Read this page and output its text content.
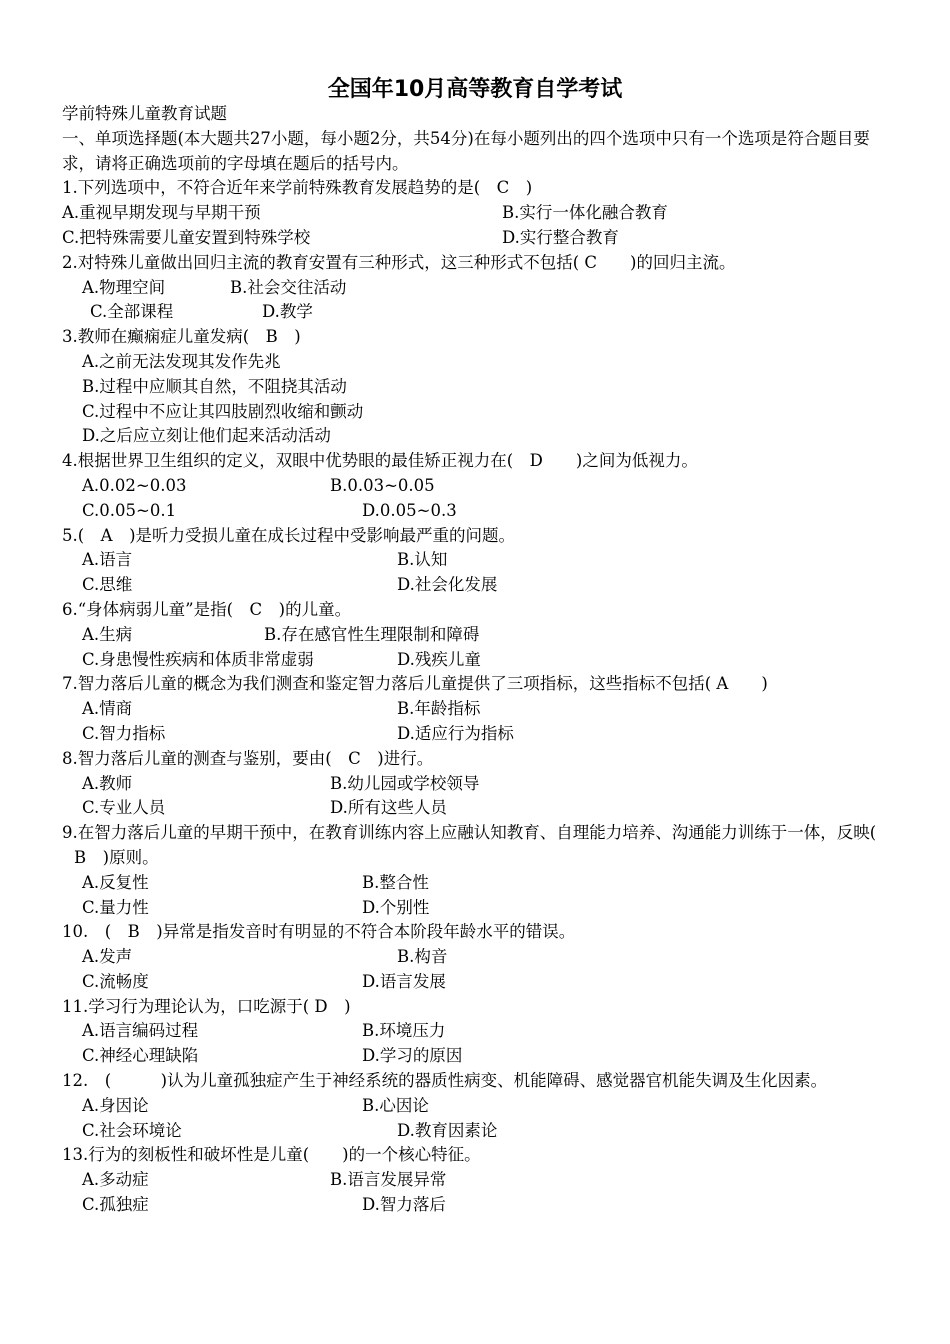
全国年10月高等教育自学考试
学前特殊儿童教育试题
一、单项选择题(本大题共27小题，每小题2分，共54分)在每小题列出的四个选项中只有一个选项是符合题目要求，请将正确选项前的字母填在题后的括号内。
1.下列选项中，不符合近年来学前特殊教育发展趋势的是(　C　)
A.重视早期发现与早期干预	B.实行一体化融合教育
C.把特殊需要儿童安置到特殊学校	D.实行整合教育
2.对特殊儿童做出回归主流的教育安置有三种形式，这三种形式不包括( C　　)的回归主流。
A.物理空间	B.社会交往活动
C.全部课程	D.教学
3.教师在癫痫症儿童发病(　B　)
A.之前无法发现其发作先兆
B.过程中应顺其自然，不阻挠其活动
C.过程中不应让其四肢剧烈收缩和颤动
D.之后应立刻让他们起来活动活动
4.根据世界卫生组织的定义，双眼中优势眼的最佳矫正视力在(　D　　)之间为低视力。
A.0.02~0.03	B.0.03~0.05
C.0.05~0.1	D.0.05~0.3
5.(　A　)是听力受损儿童在成长过程中受影响最严重的问题。
A.语言	B.认知
C.思维	D.社会化发展
6.“身体病弱儿童”是指(　C　)的儿童。
A.生病	B.存在感官性生理限制和障碍
C.身患慢性疾病和体质非常虚弱	D.残疾儿童
7.智力落后儿童的概念为我们测查和鉴定智力落后儿童提供了三项指标，这些指标不包括( A　　)
A.情商	B.年龄指标
C.智力指标	D.适应行为指标
8.智力落后儿童的测查与鉴别，要由(　C　)进行。
A.教师	B.幼儿园或学校领导
C.专业人员	D.所有这些人员
9.在智力落后儿童的早期干预中，在教育训练内容上应融认知教育、自理能力培养、沟通能力训练于一体，反映(　B　)原则。
A.反复性	B.整合性
C.量力性	D.个别性
10.　(　B　)异常是指发音时有明显的不符合本阶段年龄水平的错误。
A.发声	B.构音
C.流畅度	D.语言发展
11.学习行为理论认为，口吃源于( D　)
A.语言编码过程	B.环境压力
C.神经心理缺陷	D.学习的原因
12.　(　　　)认为儿童孤独症产生于神经系统的器质性病变、机能障碍、感觉器官机能失调及生化因素。
A.身因论	B.心因论
C.社会环境论	D.教育因素论
13.行为的刻板性和破坏性是儿童(　　)的一个核心特征。
A.多动症	B.语言发展异常
C.孤独症	D.智力落后
